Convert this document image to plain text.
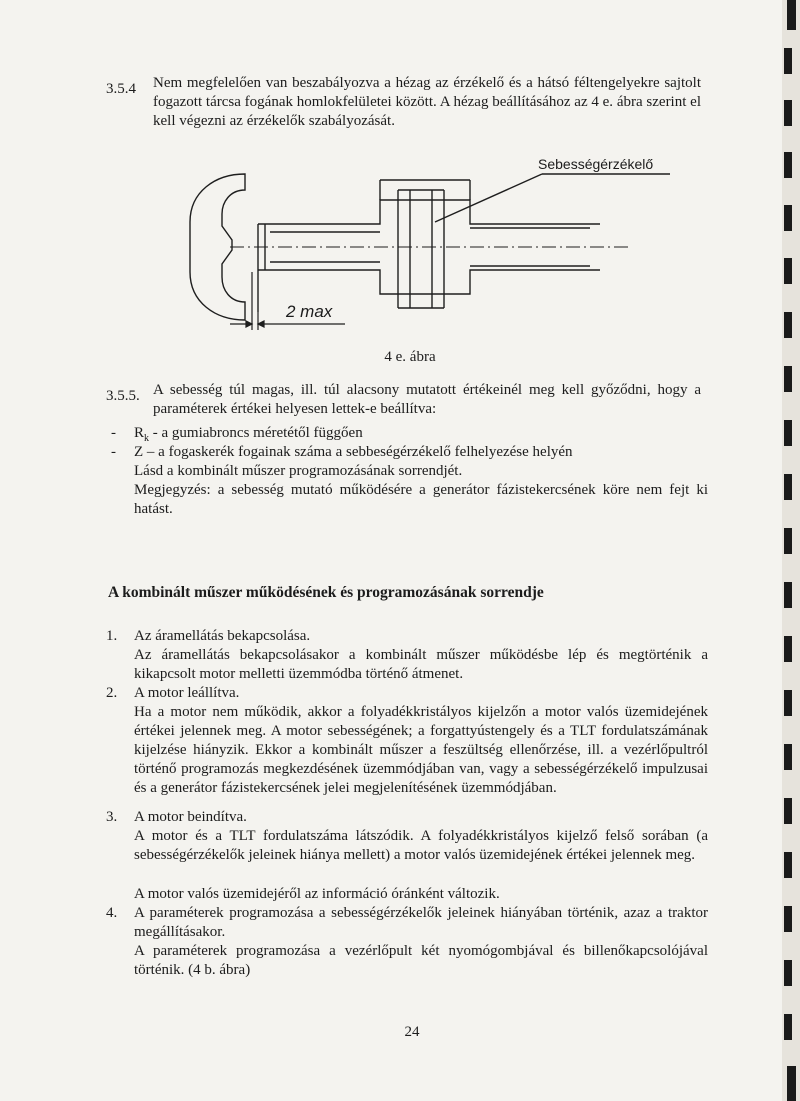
3.5.4 Nem megfelelően van beszabályozva a hézag az érzékelő és a hátsó féltengelyekre sajtolt fogazott tárcsa fogának homlokfelületei között. A hézag beállításához az 4 e. ábra szerint el kell végezni az érzékelők szabályozását.
Sebességérzékelő
2 max
4 e. ábra
3.5.5. A sebesség túl magas, ill. túl alacsony mutatott értékeinél meg kell győződni, hogy a paraméterek értékei helyesen lettek-e beállítva:
- $R_k$ - a gumiabroncs méretétől függően
- Z – a fogaskerék fogainak száma a sebbeségérzékelő felhelyezése helyén
Lásd a kombinált műszer programozásának sorrendjét.
Megjegyzés: a sebesség mutató működésére a generátor fázistekercsének köre nem fejt ki hatást.
A kombinált műszer működésének és programozásának sorrendje
1. Az áramellátás bekapcsolása.
Az áramellátás bekapcsolásakor a kombinált műszer működésbe lép és megtörténik a kikapcsolt motor melletti üzemmódba történő átmenet.
2. A motor leállítva.
Ha a motor nem működik, akkor a folyadékkristályos kijelzőn a motor valós üzemidejének értékei jelennek meg. A motor sebességének; a forgattyústengely és a TLT fordulatszámának kijelzése hiányzik. Ekkor a kombinált műszer a feszültség ellenőrzése, ill. a vezérlőpultról történő programozás megkezdésének üzemmódjában van, vagy a sebességérzékelő impulzusai és a generátor fázistekercsének jelei megjelenítésének üzemmódjában.
3. A motor beindítva.
A motor és a TLT fordulatszáma látszódik. A folyadékkristályos kijelző felső sorában (a sebességérzékelők jeleinek hiánya mellett) a motor valós üzemidejének értékei jelennek meg.
A motor valós üzemidejéről az információ óránként változik.
4. A paraméterek programozása a sebességérzékelők jeleinek hiányában történik, azaz a traktor megállításakor.
A paraméterek programozása a vezérlőpult két nyomógombjával és billenőkapcsolójával történik. (4 b. ábra)
24
